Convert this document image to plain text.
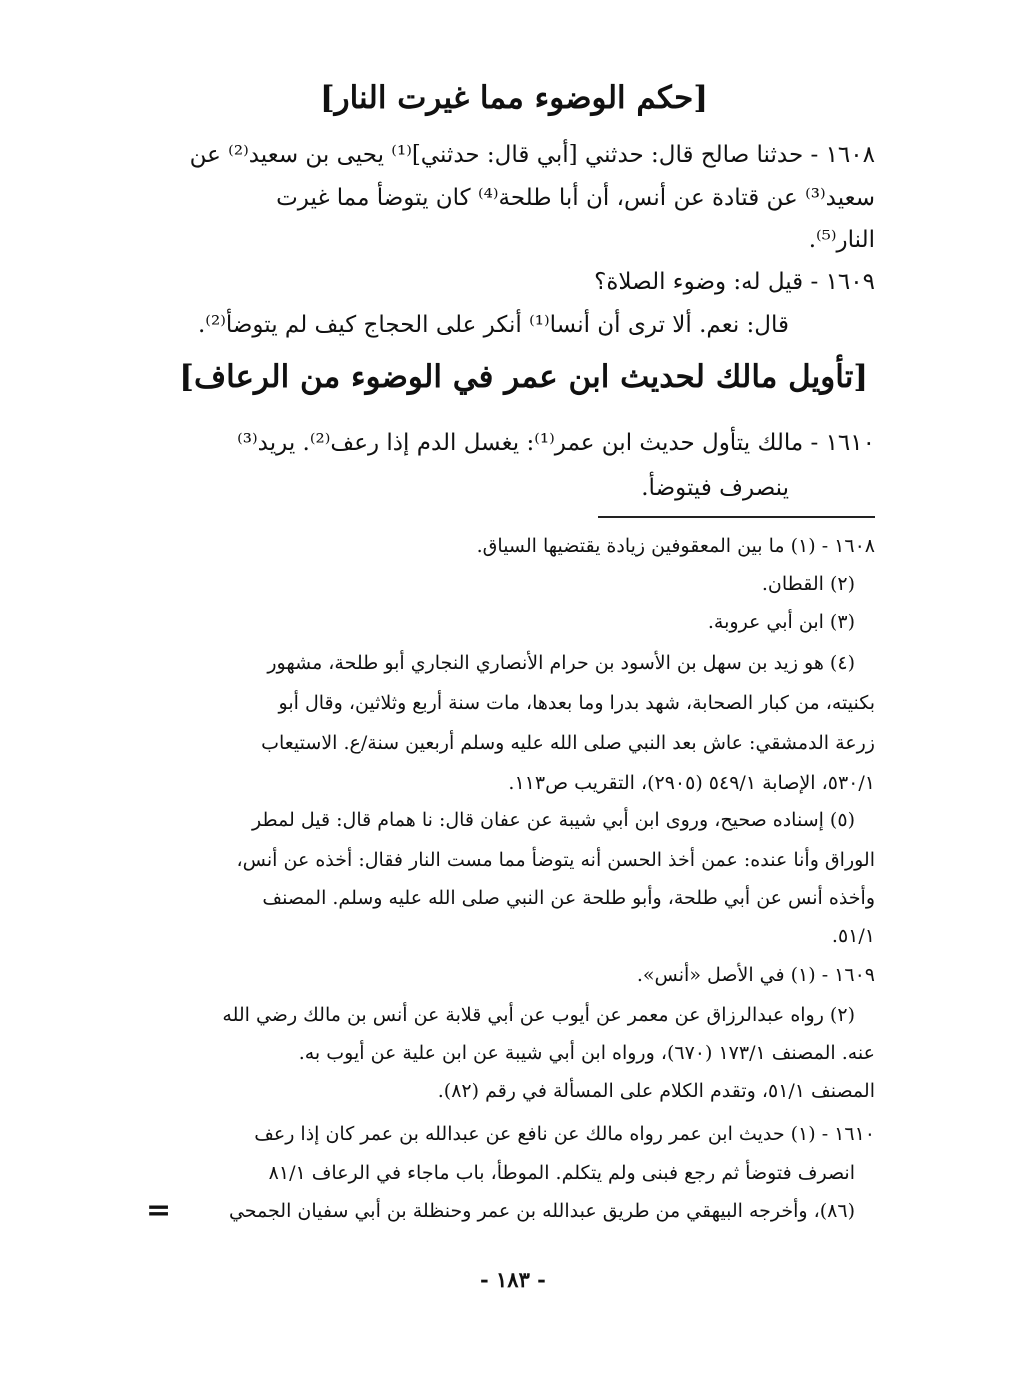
[حكم الوضوء مما غيرت النار]
١٦٠٨ - حدثنا صالح قال: حدثني [أبي قال: حدثني]⁽¹⁾ يحيى بن سعيد⁽²⁾ عن
سعيد⁽³⁾ عن قتادة عن أنس، أن أبا طلحة⁽⁴⁾ كان يتوضأ مما غيرت
النار⁽⁵⁾.
١٦٠٩ - قيل له: وضوء الصلاة؟
قال: نعم. ألا ترى أن أنسا⁽¹⁾ أنكر على الحجاج كيف لم يتوضأ⁽²⁾.
[تأويل مالك لحديث ابن عمر في الوضوء من الرعاف]
١٦١٠ - مالك يتأول حديث ابن عمر⁽¹⁾: يغسل الدم إذا رعف⁽²⁾. يريد⁽³⁾
ينصرف فيتوضأ.
١٦٠٨ - (١) ما بين المعقوفين زيادة يقتضيها السياق.
(٢) القطان.
(٣) ابن أبي عروبة.
(٤) هو زيد بن سهل بن الأسود بن حرام الأنصاري النجاري أبو طلحة، مشهور
بكنيته، من كبار الصحابة، شهد بدرا وما بعدها، مات سنة أربع وثلاثين، وقال أبو
زرعة الدمشقي: عاش بعد النبي صلى الله عليه وسلم أربعين سنة/ع. الاستيعاب
٥٣٠/١، الإصابة ٥٤٩/١ (٢٩٠٥)، التقريب ص١١٣.
(٥) إسناده صحيح، وروى ابن أبي شيبة عن عفان قال: نا همام قال: قيل لمطر
الوراق وأنا عنده: عمن أخذ الحسن أنه يتوضأ مما مست النار فقال: أخذه عن أنس،
وأخذه أنس عن أبي طلحة، وأبو طلحة عن النبي صلى الله عليه وسلم. المصنف
٥١/١.
١٦٠٩ - (١) في الأصل «أنس».
(٢) رواه عبدالرزاق عن معمر عن أيوب عن أبي قلابة عن أنس بن مالك رضي الله
عنه. المصنف ١٧٣/١ (٦٧٠)، ورواه ابن أبي شيبة عن ابن علية عن أيوب به.
المصنف ٥١/١، وتقدم الكلام على المسألة في رقم (٨٢).
١٦١٠ - (١) حديث ابن عمر رواه مالك عن نافع عن عبدالله بن عمر كان إذا رعف
انصرف فتوضأ ثم رجع فبنى ولم يتكلم. الموطأ، باب ماجاء في الرعاف ٨١/١
(٨٦)، وأخرجه البيهقي من طريق عبدالله بن عمر وحنظلة بن أبي سفيان الجمحي
=
- ١٨٣ -
